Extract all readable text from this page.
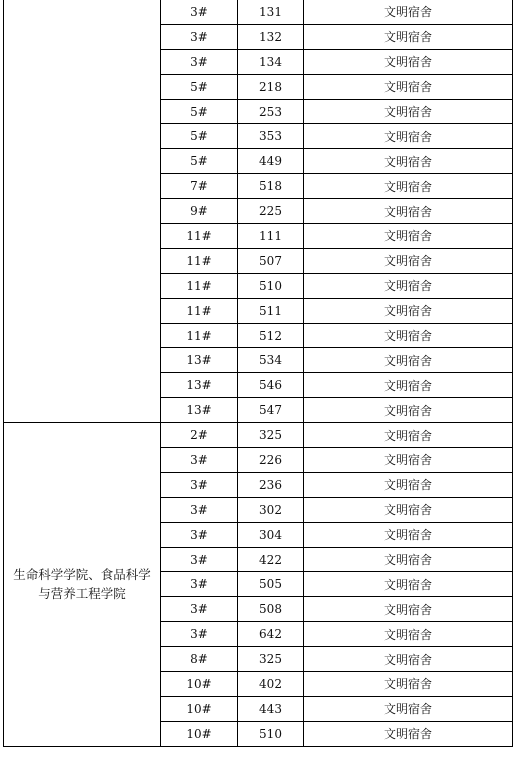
	3#	131	文明宿舍
	3#	132	文明宿舍
	3#	134	文明宿舍
	5#	218	文明宿舍
	5#	253	文明宿舍
	5#	353	文明宿舍
	5#	449	文明宿舍
	7#	518	文明宿舍
	9#	225	文明宿舍
	11#	111	文明宿舍
	11#	507	文明宿舍
	11#	510	文明宿舍
	11#	511	文明宿舍
	11#	512	文明宿舍
	13#	534	文明宿舍
	13#	546	文明宿舍
	13#	547	文明宿舍
生命科学学院、食品科学与营养工程学院	2#	325	文明宿舍
	3#	226	文明宿舍
	3#	236	文明宿舍
	3#	302	文明宿舍
	3#	304	文明宿舍
	3#	422	文明宿舍
	3#	505	文明宿舍
	3#	508	文明宿舍
	3#	642	文明宿舍
	8#	325	文明宿舍
	10#	402	文明宿舍
	10#	443	文明宿舍
	10#	510	文明宿舍
